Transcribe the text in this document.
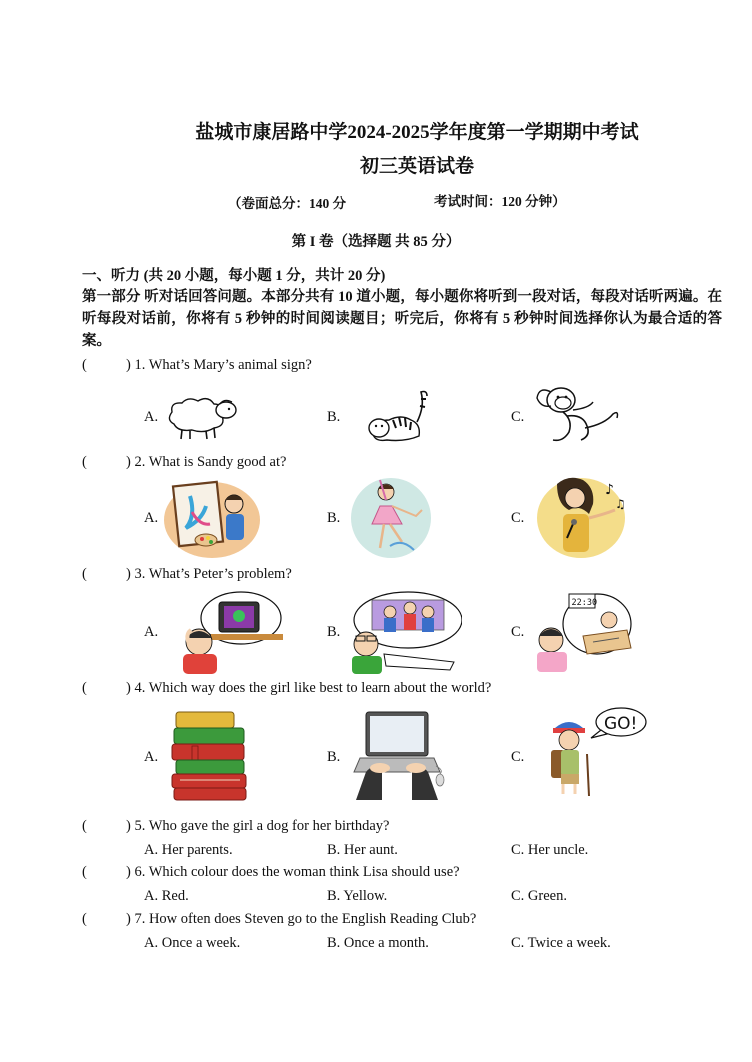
盐城市康居路中学2024-2025学年度第一学期期中考试
初三英语试卷
（卷面总分：140 分	考试时间：120 分钟）
第 I 卷（选择题 共 85 分）
一、听力 (共 20 小题，每小题 1 分，共计 20 分)
第一部分 听对话回答问题。本部分共有 10 道小题，每小题你将听到一段对话，每段对话听两遍。在听每段对话前，你将有 5 秒钟的时间阅读题目；听完后，你将有 5 秒钟时间选择你认为最合适的答案。
(	) 1. What’s Mary’s animal sign?
A.	B.	C.
(	) 2. What is Sandy good at?
A.	B.	C.
♪
♫
(	) 3. What’s Peter’s problem?
A.	B.	C.
22:30
(	) 4. Which way does the girl like best to learn about the world?
A.	B.	C.
GO!
(	) 5. Who gave the girl a dog for her birthday?
A. Her parents.	B. Her aunt.	C. Her uncle.
(	) 6. Which colour does the woman think Lisa should use?
A. Red.	B. Yellow.	C. Green.
(	) 7. How often does Steven go to the English Reading Club?
A. Once a week.	B. Once a month.	C. Twice a week.
